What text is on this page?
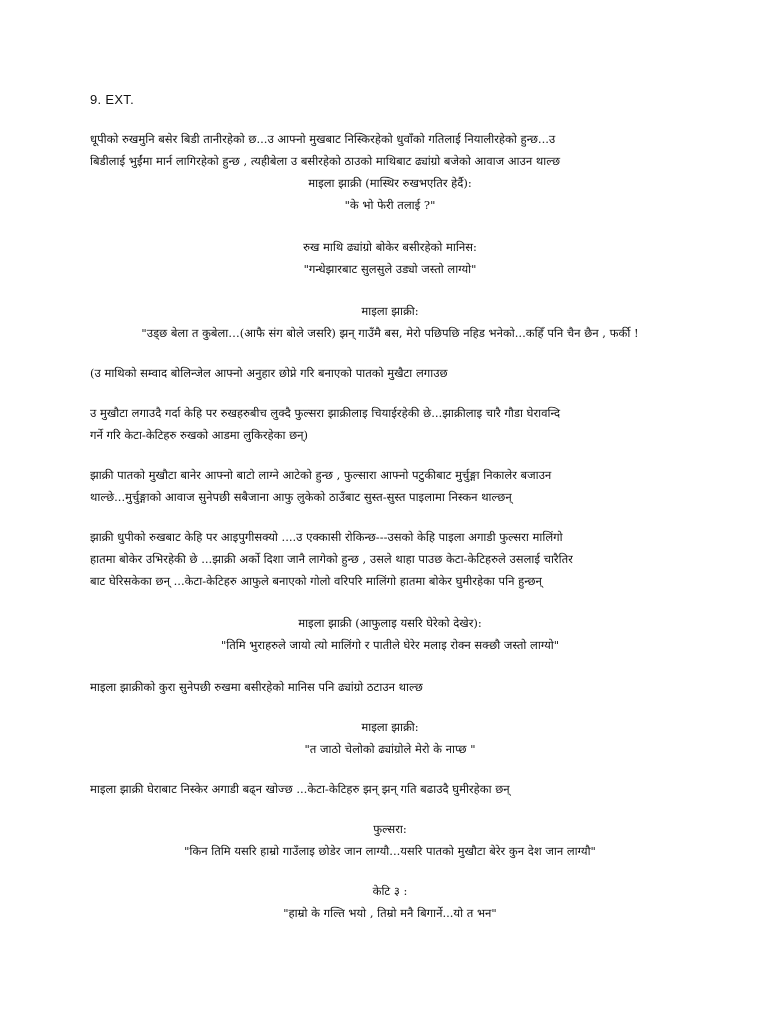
9. EXT.
धूपीको रुखमुनि बसेर बिडी तानीरहेको छ...उ आफ्नो मुखबाट निस्किरहेको धुवाँको गतिलाई नियालीरहेको हुन्छ...उ
बिडीलाई भुईंमा मार्न लागिरहेको हुन्छ , त्यहीबेला उ बसीरहेको ठाउको माथिबाट ढ्यांग्रो बजेको आवाज आउन थाल्छ
माइला झाक्री (मास्थिर रुखभएतिर हेर्दै):
"के भो फेरी तलाई ?"
रुख माथि ढ्यांग्रो बोकेर बसीरहेको मानिस:
"गन्धेझारबाट सुलसुले उड्यो जस्तो लाग्यो"
माइला झाक्री:
"उड्छ बेला त कुबेला…(आफै संग बोले जसरि) झन् गाउँमै बस, मेरो पछिपछि नहिड भनेको...कहिँ पनि चैन छैन , फर्की !
(उ माथिको सम्वाद बोलिन्जेल आफ्नो अनुहार छोप्ने गरि बनाएको पातको मुखैटा लगाउछ
उ मुखौटा लगाउदै गर्दा केहि पर रुखहरुबीच लुक्दै फुल्सरा झाक्रीलाइ चियाईरहेकी छे...झाक्रीलाइ चारै गौडा घेरावन्दि
गर्ने गरि केटा-केटिहरु रुखको आडमा लुकिरहेका छन्)
झाक्री पातको मुखौटा बानेर आफ्नो बाटो लाग्ने आटेको हुन्छ , फुल्सारा आफ्नो पटुकीबाट मुर्चुङ्गा निकालेर बजाउन
थाल्छे...मुर्चुङ्गाको आवाज सुनेपछी सबैजाना आफु लुकेको ठाउँबाट सुस्त-सुस्त पाइलामा निस्कन थाल्छन्
झाक्री धुपीको रुखबाट केहि पर आइपुगीसक्यो ....उ एक्कासी रोकिन्छ---उसको केहि पाइला अगाडी फुल्सरा मालिंगो
हातमा बोकेर उभिरहेकी छे ...झाक्री अर्को दिशा जानै लागेको हुन्छ , उसले थाहा पाउछ केटा-केटिहरुले उसलाई चारैतिर
बाट घेरिसकेका छन् ...केटा-केटिहरु आफुले बनाएको गोलो वरिपरि मालिंगो हातमा बोकेर घुमीरहेका पनि हुन्छन्
माइला झाक्री (आफुलाइ यसरि घेरेको देखेर):
"तिमि भुराहरुले जायो त्यो मालिंगो र पातीले घेरेर मलाइ रोक्न सक्छौ जस्तो लाग्यो"
माइला झाक्रीको कुरा सुनेपछी रुखमा बसीरहेको मानिस पनि ढ्यांग्रो ठटाउन थाल्छ
माइला झाक्री:
"त जाठो चेलोको ढ्यांग्रोले मेरो के नाप्छ "
माइला झाक्री घेराबाट निस्केर अगाडी बढ्न खोज्छ ...केटा-केटिहरु झन् झन् गति बढाउदै घुमीरहेका छन्
फुल्सरा:
"किन तिमि यसरि हाम्रो गाउँलाइ छोडेर जान लाग्यौ...यसरि पातको मुखौटा बेरेर कुन देश जान लाग्यौ"
केटि ३ :
"हाम्रो के गल्ति भयो , तिम्रो मनै बिगार्ने...यो त भन"
